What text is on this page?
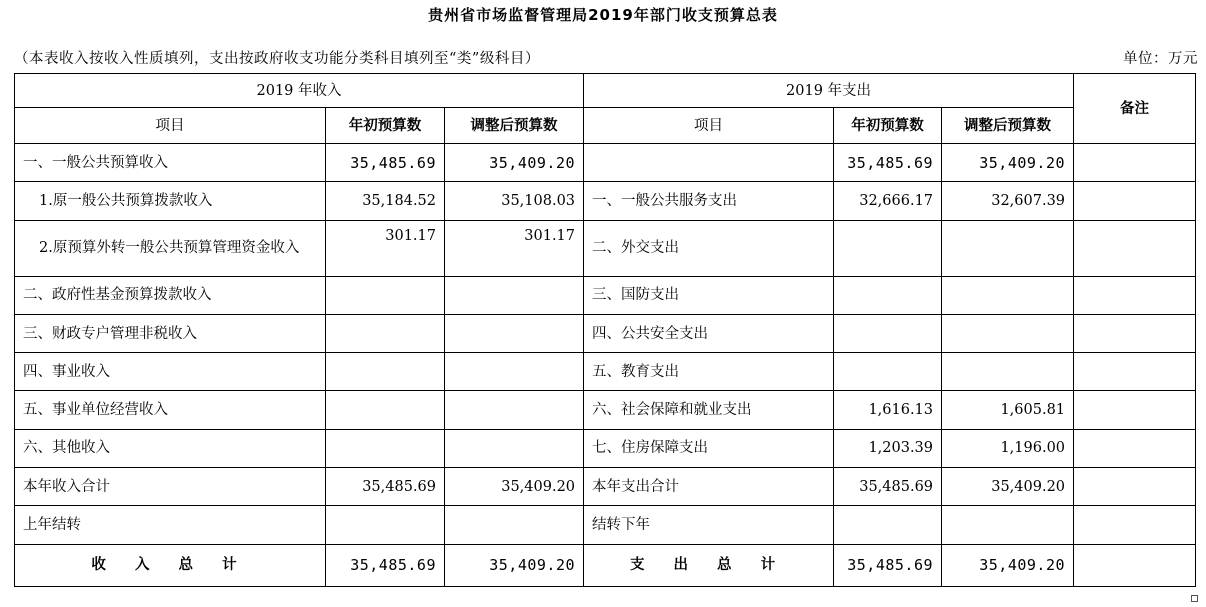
贵州省市场监督管理局2019年部门收支预算总表
（本表收入按收入性质填列，支出按政府收支功能分类科目填列至“类”级科目）	单位：万元
2019 年收入			2019 年支出			备注
项目	年初预算数	调整后预算数	项目	年初预算数	调整后预算数	
一、一般公共预算收入	35,485.69	35,409.20		35,485.69	35,409.20	
1.原一般公共预算拨款收入	35,184.52	35,108.03	一、一般公共服务支出	32,666.17	32,607.39	
2.原预算外转一般公共预算管理资金收入	301.17	301.17	二、外交支出			
二、政府性基金预算拨款收入			三、国防支出			
三、财政专户管理非税收入			四、公共安全支出			
四、事业收入			五、教育支出			
五、事业单位经营收入			六、社会保障和就业支出	1,616.13	1,605.81	
六、其他收入			七、住房保障支出	1,203.39	1,196.00	
本年收入合计	35,485.69	35,409.20	本年支出合计	35,485.69	35,409.20	
上年结转			结转下年			
收 入 总 计	35,485.69	35,409.20	支 出 总 计	35,485.69	35,409.20	
